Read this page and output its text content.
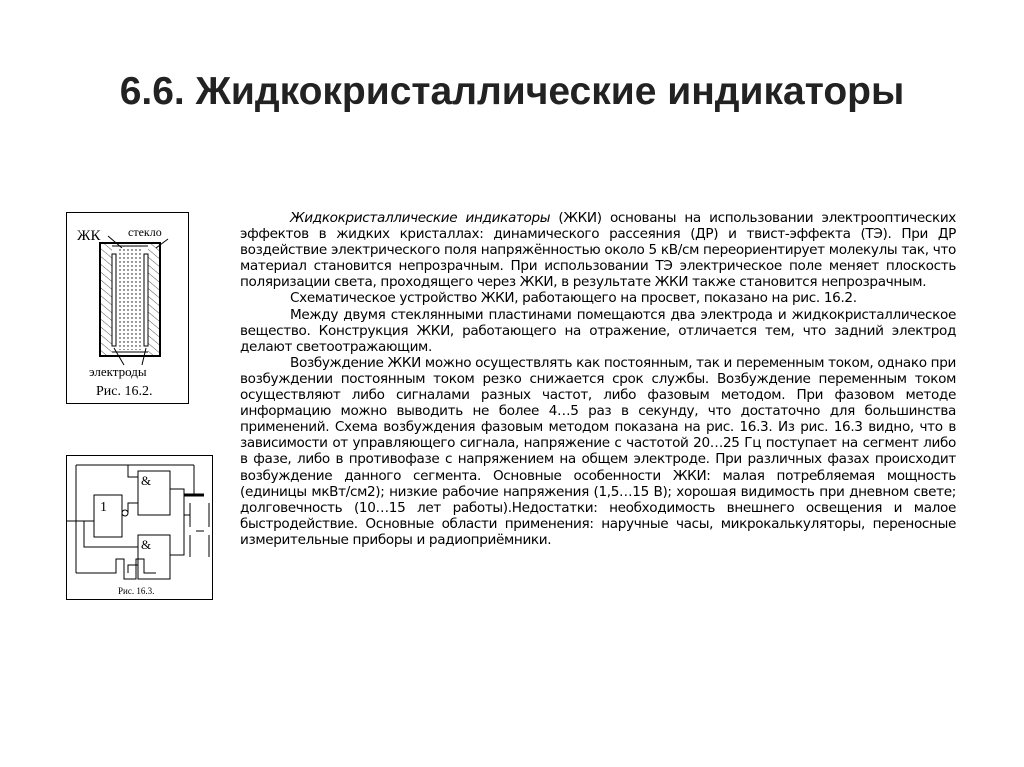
6.6. Жидкокристаллические индикаторы
ЖК стекло
электроды
Рис. 16.2.
1
&
&
Рис. 16.3.

Жидкокристаллические индикаторы (ЖКИ) основаны на использовании электрооптических эффектов в жидких кристаллах: динамического рассеяния (ДР) и твист-эффекта (ТЭ). При ДР воздействие электрического поля напряжённостью около 5 кВ/см переориентирует молекулы так, что материал становится непрозрачным. При использовании ТЭ электрическое поле меняет плоскость поляризации света, проходящего через ЖКИ, в результате ЖКИ также становится непрозрачным.

Схематическое устройство ЖКИ, работающего на просвет, показано на рис. 16.2.

Между двумя стеклянными пластинами помещаются два электрода и жидкокристаллическое вещество. Конструкция ЖКИ, работающего на отражение, отличается тем, что задний электрод делают светоотражающим.

Возбуждение ЖКИ можно осуществлять как постоянным, так и переменным током, однако при возбуждении постоянным током резко снижается срок службы. Возбуждение переменным током осуществляют либо сигналами разных частот, либо фазовым методом. При фазовом методе информацию можно выводить не более 4…5 раз в секунду, что достаточно для большинства применений. Схема возбуждения фазовым методом показана на рис. 16.3. Из рис. 16.3 видно, что в зависимости от управляющего сигнала, напряжение с частотой 20…25 Гц поступает на сегмент либо в фазе, либо в противофазе с напряжением на общем электроде. При различных фазах происходит возбуждение данного сегмента. Основные особенности ЖКИ: малая потребляемая мощность (единицы мкВт/см2); низкие рабочие напряжения (1,5…15 В); хорошая видимость при дневном свете; долговечность (10…15 лет работы).Недостатки: необходимость внешнего освещения и малое быстродействие. Основные области применения: наручные часы, микрокалькуляторы, переносные измерительные приборы и радиоприёмники.
